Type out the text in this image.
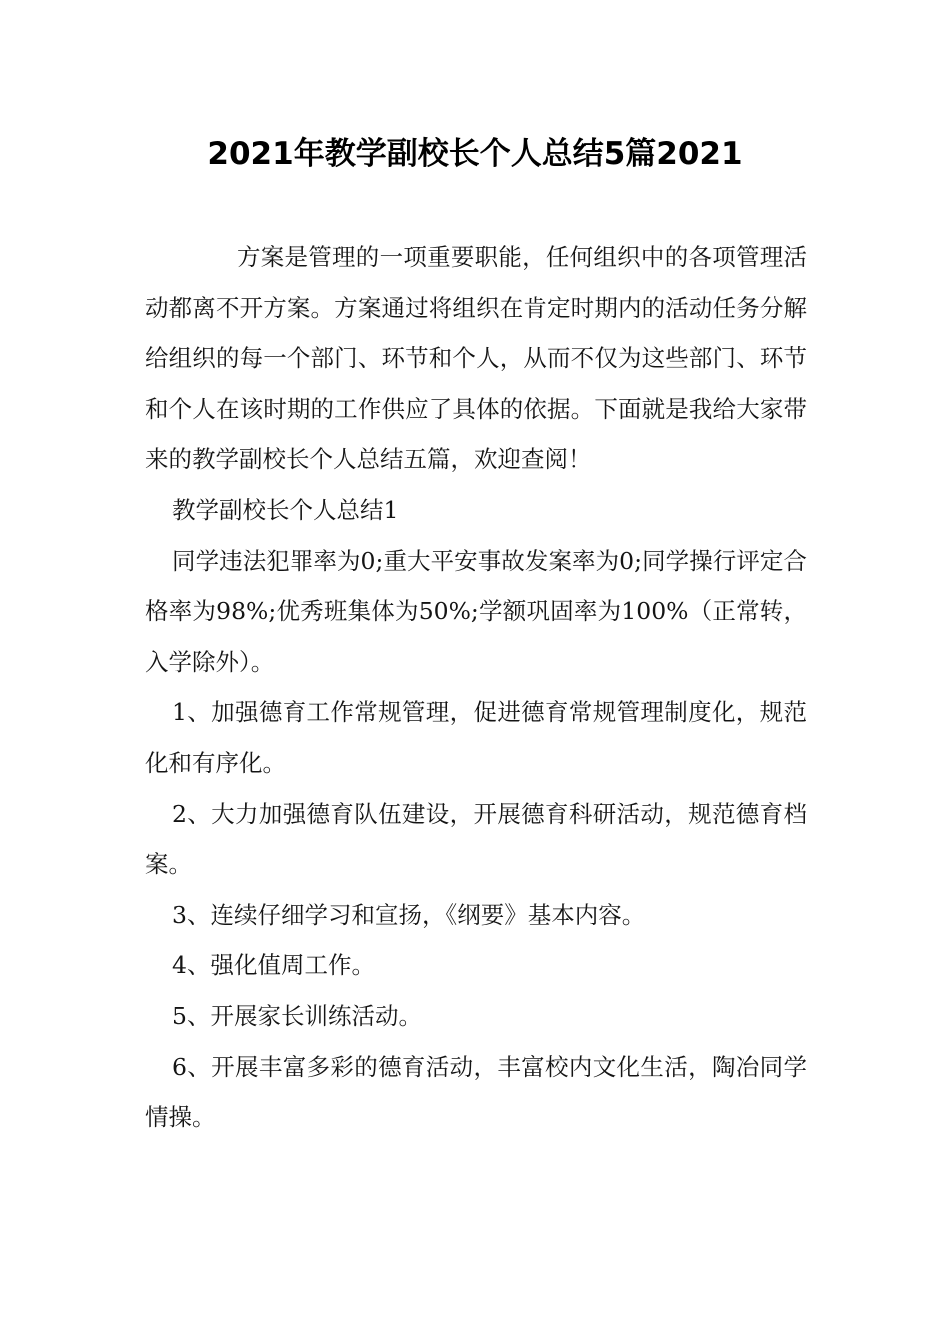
2021年教学副校长个人总结5篇2021

方案是管理的一项重要职能，任何组织中的各项管理活动都离不开方案。方案通过将组织在肯定时期内的活动任务分解给组织的每一个部门、环节和个人，从而不仅为这些部门、环节和个人在该时期的工作供应了具体的依据。下面就是我给大家带来的教学副校长个人总结五篇，欢迎查阅！

教学副校长个人总结1

同学违法犯罪率为0;重大平安事故发案率为0;同学操行评定合格率为98%;优秀班集体为50%;学额巩固率为100%（正常转，入学除外）。

1、加强德育工作常规管理，促进德育常规管理制度化，规范化和有序化。

2、大力加强德育队伍建设，开展德育科研活动，规范德育档案。

3、连续仔细学习和宣扬，《纲要》基本内容。

4、强化值周工作。

5、开展家长训练活动。

6、开展丰富多彩的德育活动，丰富校内文化生活，陶冶同学情操。
